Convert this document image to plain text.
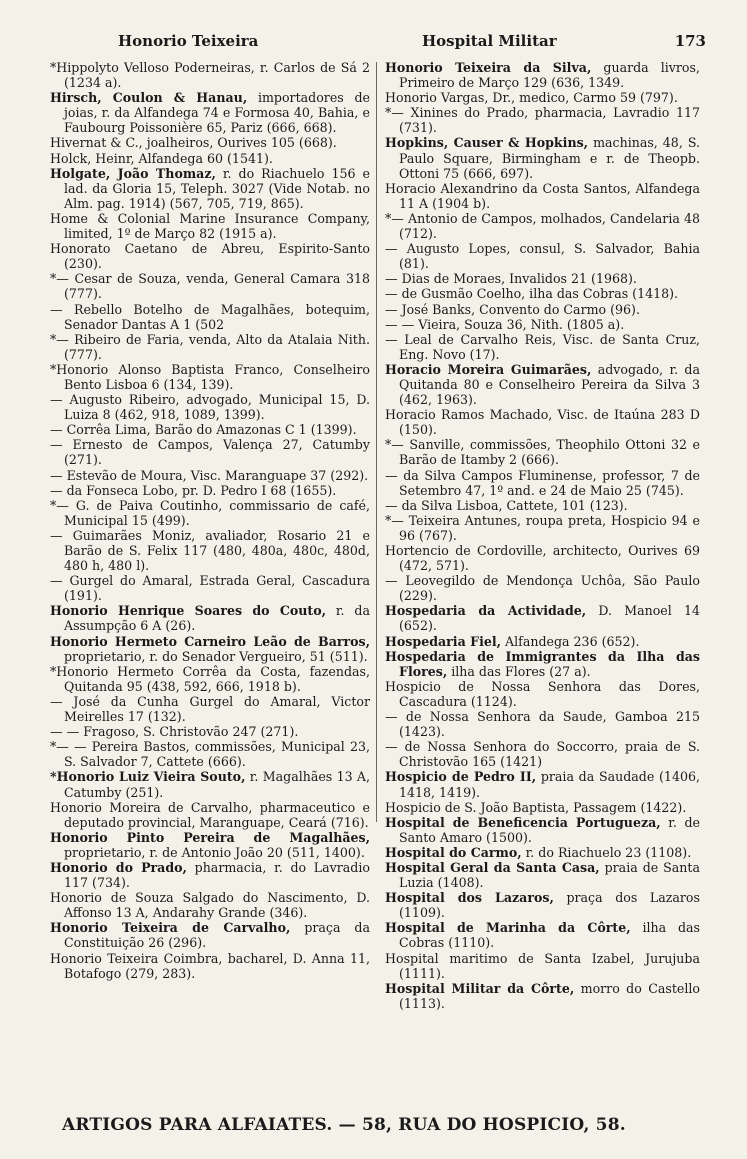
Honorio Teixeira	Hospital Militar	173

*Hippolyto Velloso Poderneiras, r. Carlos de Sá 2 (1234 a).

Hirsch, Coulon & Hanau, importadores de joias, r. da Alfandega 74 e Formosa 40, Bahia, e Faubourg Poissonière 65, Pariz (666, 668).

Hivernat & C., joalheiros, Ourives 105 (668).

Holck, Heinr, Alfandega 60 (1541).

Holgate, João Thomaz, r. do Riachuelo 156 e lad. da Gloria 15, Teleph. 3027 (Vide Notab. no Alm. pag. 1914) (567, 705, 719, 865).

Home & Colonial Marine Insurance Company, limited, 1º de Março 82 (1915 a).

Honorato Caetano de Abreu, Espirito-Santo (230).

*— Cesar de Souza, venda, General Camara 318 (777).

— Rebello Botelho de Magalhães, botequim, Senador Dantas A 1 (502

*— Ribeiro de Faria, venda, Alto da Atalaia Nith. (777).

*Honorio Alonso Baptista Franco, Conselheiro Bento Lisboa 6 (134, 139).

— Augusto Ribeiro, advogado, Municipal 15, D. Luiza 8 (462, 918, 1089, 1399).

— Corrêa Lima, Barão do Amazonas C 1 (1399).

— Ernesto de Campos, Valença 27, Catumby (271).

— Estevão de Moura, Visc. Maranguape 37 (292).

— da Fonseca Lobo, pr. D. Pedro I 68 (1655).

*— G. de Paiva Coutinho, commissario de café, Municipal 15 (499).

— Guimarães Moniz, avaliador, Rosario 21 e Barão de S. Felix 117 (480, 480a, 480c, 480d, 480 h, 480 l).

— Gurgel do Amaral, Estrada Geral, Cascadura (191).

Honorio Henrique Soares do Couto, r. da Assumpção 6 A (26).

Honorio Hermeto Carneiro Leão de Barros, proprietario, r. do Senador Vergueiro, 51 (511).

*Honorio Hermeto Corrêa da Costa, fazendas, Quitanda 95 (438, 592, 666, 1918 b).

— José da Cunha Gurgel do Amaral, Victor Meirelles 17 (132).

— — Fragoso, S. Christovão 247 (271).

*— — Pereira Bastos, commissões, Municipal 23, S. Salvador 7, Cattete (666).

*Honorio Luiz Vieira Souto, r. Magalhães 13 A, Catumby (251).

Honorio Moreira de Carvalho, pharmaceutico e deputado provincial, Maranguape, Ceará (716).

Honorio Pinto Pereira de Magalhães, proprietario, r. de Antonio João 20 (511, 1400).

Honorio do Prado, pharmacia, r. do Lavradio 117 (734).

Honorio de Souza Salgado do Nascimento, D. Affonso 13 A, Andarahy Grande (346).

Honorio Teixeira de Carvalho, praça da Constituição 26 (296).

Honorio Teixeira Coimbra, bacharel, D. Anna 11, Botafogo (279, 283).

Honorio Teixeira da Silva, guarda livros, Primeiro de Março 129 (636, 1349.

Honorio Vargas, Dr., medico, Carmo 59 (797).

*— Xinines do Prado, pharmacia, Lavradio 117 (731).

Hopkins, Causer & Hopkins, machinas, 48, S. Paulo Square, Birmingham e r. de Theopb. Ottoni 75 (666, 697).

Horacio Alexandrino da Costa Santos, Alfandega 11 A (1904 b).

*— Antonio de Campos, molhados, Candelaria 48 (712).

— Augusto Lopes, consul, S. Salvador, Bahia (81).

— Dias de Moraes, Invalidos 21 (1968).

— de Gusmão Coelho, ilha das Cobras (1418).

— José Banks, Convento do Carmo (96).

— — Vieira, Souza 36, Nith. (1805 a).

— Leal de Carvalho Reis, Visc. de Santa Cruz, Eng. Novo (17).

Horacio Moreira Guimarães, advogado, r. da Quitanda 80 e Conselheiro Pereira da Silva 3 (462, 1963).

Horacio Ramos Machado, Visc. de Itaúna 283 D (150).

*— Sanville, commissões, Theophilo Ottoni 32 e Barão de Itamby 2 (666).

— da Silva Campos Fluminense, professor, 7 de Setembro 47, 1º and. e 24 de Maio 25 (745).

— da Silva Lisboa, Cattete, 101 (123).

*— Teixeira Antunes, roupa preta, Hospicio 94 e 96 (767).

Hortencio de Cordoville, architecto, Ourives 69 (472, 571).

— Leovegildo de Mendonça Uchôa, São Paulo (229).

Hospedaria da Actividade, D. Manoel 14 (652).

Hospedaria Fiel, Alfandega 236 (652).

Hospedaria de Immigrantes da Ilha das Flores, ilha das Flores (27 a).

Hospicio de Nossa Senhora das Dores, Cascadura (1124).

— de Nossa Senhora da Saude, Gamboa 215 (1423).

— de Nossa Senhora do Soccorro, praia de S. Christovão 165 (1421)

Hospicio de Pedro II, praia da Saudade (1406, 1418, 1419).

Hospicio de S. João Baptista, Passagem (1422).

Hospital de Beneficencia Portugueza, r. de Santo Amaro (1500).

Hospital do Carmo, r. do Riachuelo 23 (1108).

Hospital Geral da Santa Casa, praia de Santa Luzia (1408).

Hospital dos Lazaros, praça dos Lazaros (1109).

Hospital de Marinha da Côrte, ilha das Cobras (1110).

Hospital maritimo de Santa Izabel, Jurujuba (1111).

Hospital Militar da Côrte, morro do Castello (1113).

ARTIGOS PARA ALFAIATES. — 58, RUA DO HOSPICIO, 58.
